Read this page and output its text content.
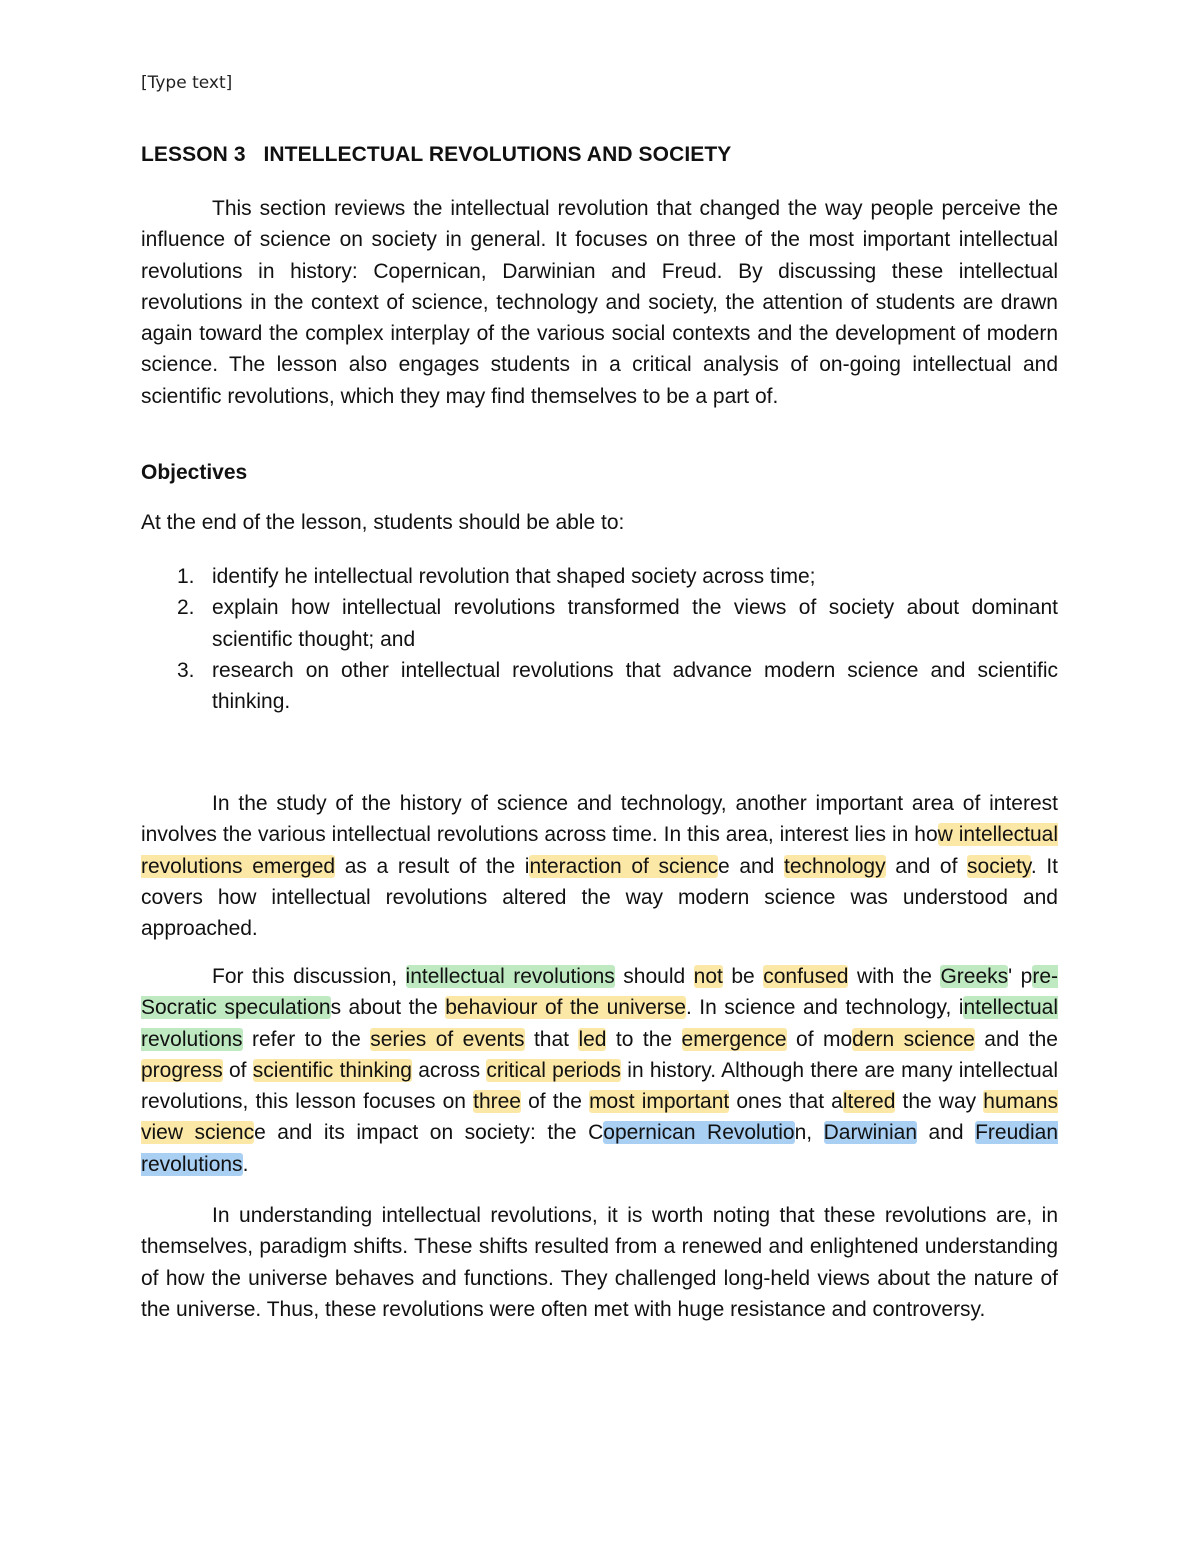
[Type text]
LESSON 3   INTELLECTUAL REVOLUTIONS AND SOCIETY

This section reviews the intellectual revolution that changed the way people perceive the influence of science on society in general. It focuses on three of the most important intellectual revolutions in history: Copernican, Darwinian and Freud. By discussing these intellectual revolutions in the context of science, technology and society, the attention of students are drawn again toward the complex interplay of the various social contexts and the development of modern science. The lesson also engages students in a critical analysis of on-going intellectual and scientific revolutions, which they may find themselves to be a part of.

Objectives

At the end of the lesson, students should be able to:

1. identify he intellectual revolution that shaped society across time;
2. explain how intellectual revolutions transformed the views of society about dominant scientific thought; and
3. research on other intellectual revolutions that advance modern science and scientific thinking.

In the study of the history of science and technology, another important area of interest involves the various intellectual revolutions across time. In this area, interest lies in how intellectual revolutions emerged as a result of the interaction of science and technology and of society. It covers how intellectual revolutions altered the way modern science was understood and approached.

For this discussion, intellectual revolutions should not be confused with the Greeks' pre-Socratic speculations about the behaviour of the universe. In science and technology, intellectual revolutions refer to the series of events that led to the emergence of modern science and the progress of scientific thinking across critical periods in history. Although there are many intellectual revolutions, this lesson focuses on three of the most important ones that altered the way humans view science and its impact on society: the Copernican Revolution, Darwinian and Freudian revolutions.

In understanding intellectual revolutions, it is worth noting that these revolutions are, in themselves, paradigm shifts. These shifts resulted from a renewed and enlightened understanding of how the universe behaves and functions. They challenged long-held views about the nature of the universe. Thus, these revolutions were often met with huge resistance and controversy.
